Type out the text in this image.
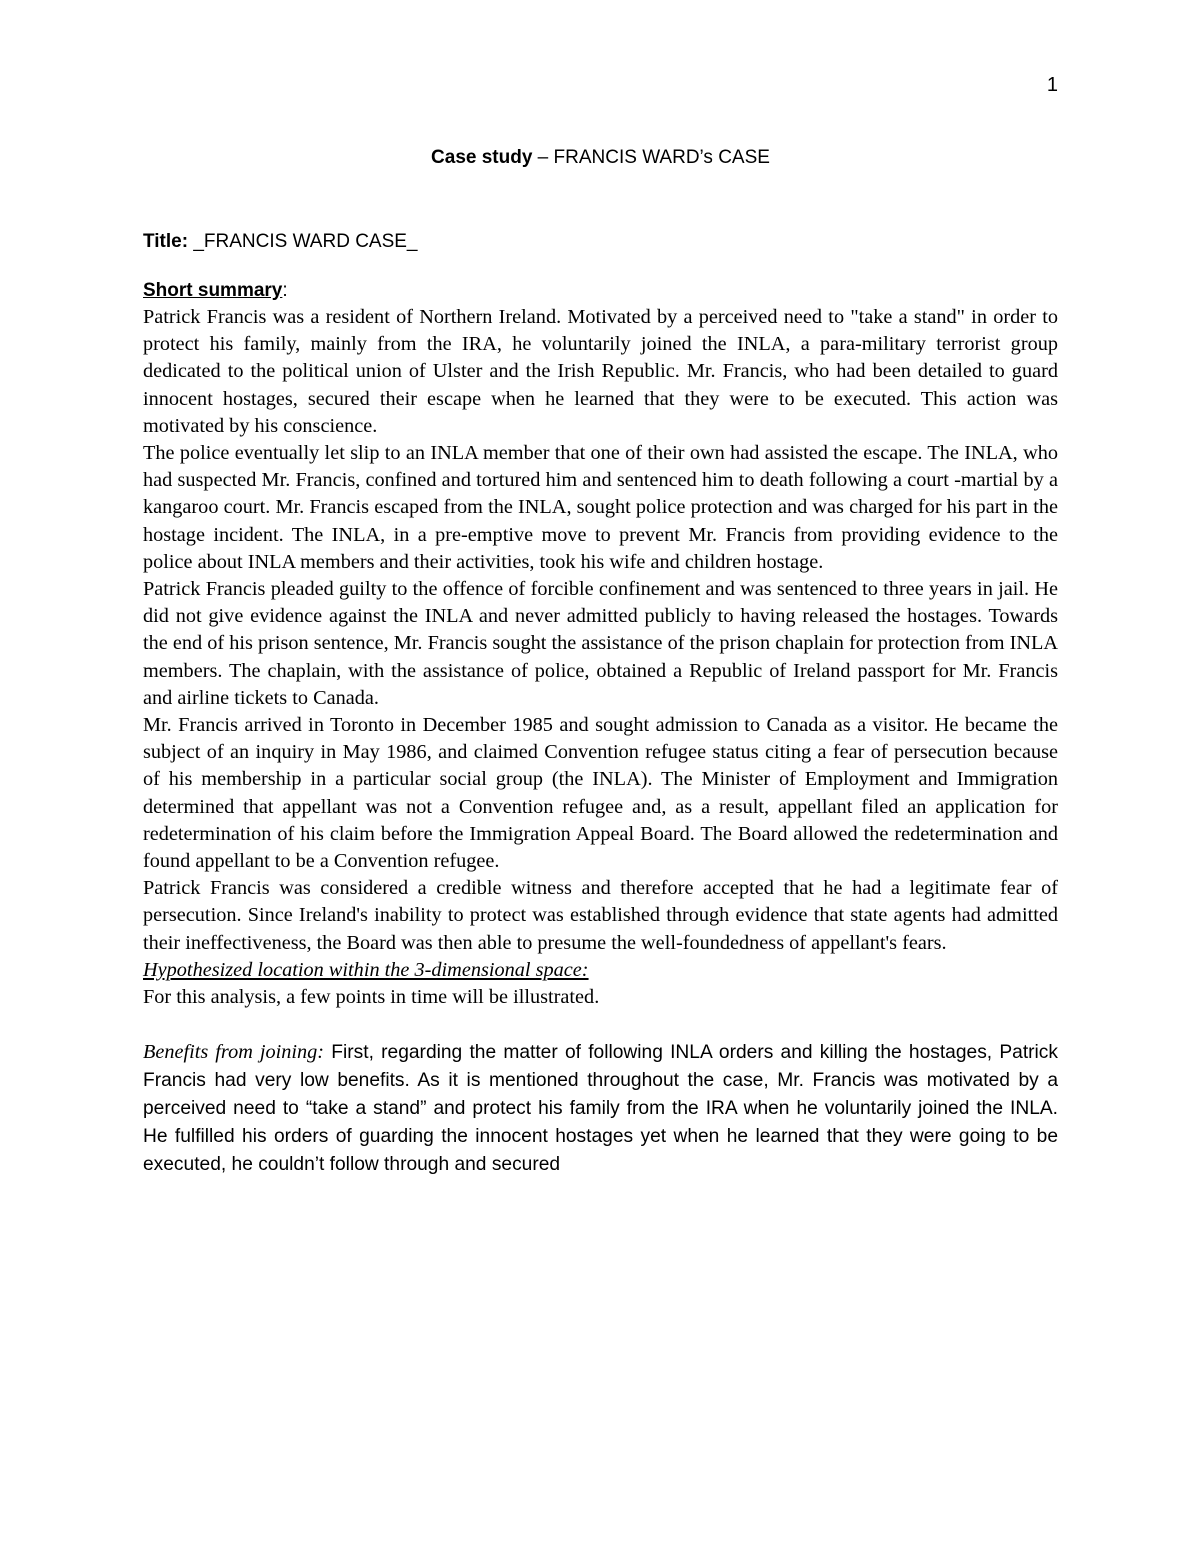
1
Case study – FRANCIS WARD’s CASE
Title: _FRANCIS WARD CASE_
Short summary:

Patrick Francis was a resident of Northern Ireland. Motivated by a perceived need to "take a stand" in order to protect his family, mainly from the IRA, he voluntarily joined the INLA, a para-military terrorist group dedicated to the political union of Ulster and the Irish Republic. Mr. Francis, who had been detailed to guard innocent hostages, secured their escape when he learned that they were to be executed. This action was motivated by his conscience.

The police eventually let slip to an INLA member that one of their own had assisted the escape. The INLA, who had suspected Mr. Francis, confined and tortured him and sentenced him to death following a court -martial by a kangaroo court. Mr. Francis escaped from the INLA, sought police protection and was charged for his part in the hostage incident. The INLA, in a pre-emptive move to prevent Mr. Francis from providing evidence to the police about INLA members and their activities, took his wife and children hostage.

Patrick Francis pleaded guilty to the offence of forcible confinement and was sentenced to three years in jail. He did not give evidence against the INLA and never admitted publicly to having released the hostages. Towards the end of his prison sentence, Mr. Francis sought the assistance of the prison chaplain for protection from INLA members. The chaplain, with the assistance of police, obtained a Republic of Ireland passport for Mr. Francis and airline tickets to Canada.

Mr. Francis arrived in Toronto in December 1985 and sought admission to Canada as a visitor. He became the subject of an inquiry in May 1986, and claimed Convention refugee status citing a fear of persecution because of his membership in a particular social group (the INLA). The Minister of Employment and Immigration determined that appellant was not a Convention refugee and, as a result, appellant filed an application for redetermination of his claim before the Immigration Appeal Board. The Board allowed the redetermination and found appellant to be a Convention refugee.

Patrick Francis was considered a credible witness and therefore accepted that he had a legitimate fear of persecution. Since Ireland's inability to protect was established through evidence that state agents had admitted their ineffectiveness, the Board was then able to presume the well-foundedness of appellant's fears.

Hypothesized location within the 3-dimensional space:

For this analysis, a few points in time will be illustrated.

Benefits from joining: First, regarding the matter of following INLA orders and killing the hostages, Patrick Francis had very low benefits. As it is mentioned throughout the case, Mr. Francis was motivated by a perceived need to “take a stand” and protect his family from the IRA when he voluntarily joined the INLA. He fulfilled his orders of guarding the innocent hostages yet when he learned that they were going to be executed, he couldn’t follow through and secured
